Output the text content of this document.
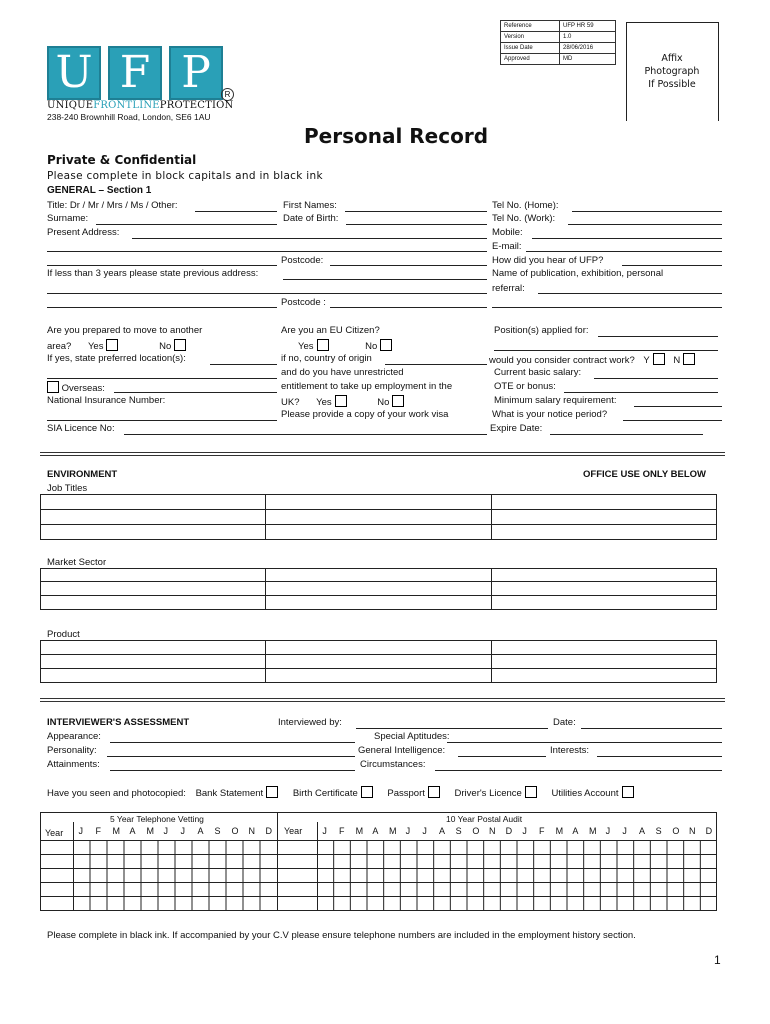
Reference	UFP HR 59
Version	1.0
Issue Date	28/06/2016
Approved	MD	Affix
Photograph
If Possible
U F P	R
UNIQUEFRONTLINEPROTECTION
238-240 Brownhill Road, London, SE6 1AU
Personal Record
Private & Confidential
Please complete in block capitals and in black ink
GENERAL – Section 1
Title: Dr / Mr / Mrs / Ms / Other:
Surname:
Present Address:
Postcode:
If less than 3 years please state previous address:
Postcode :
First Names:
Date of Birth:
Tel No. (Home):
Tel No. (Work):
Mobile:
E-mail:
How did you hear of UFP?
Name of publication, exhibition, personal
referral:
Are you prepared to move to another
area? Yes	No
If yes, state preferred location(s):
Overseas:
National Insurance Number:
SIA Licence No:
Are you an EU Citizen?
Yes	No
if no, country of origin
and do you have unrestricted
entitlement to take up employment in the
UK? Yes	No
Please provide a copy of your work visa
Position(s) applied for:
would you consider contract work? Y N
Current basic salary:
OTE or bonus:
Minimum salary requirement:
What is your notice period?
Expire Date:
ENVIRONMENT	OFFICE USE ONLY BELOW
Job Titles

Market Sector

Product

INTERVIEWER'S ASSESSMENT	Interviewed by:	Date:
Appearance:	Special Aptitudes:
Personality:	General Intelligence:	Interests:
Attainments:	Circumstances:
Have you seen and photocopied: Bank Statement	Birth Certificate	Passport	Driver's Licence	Utilities Account
5 Year Telephone Vetting	10 Year Postal Audit
Year	Year
J F M A M J J A S O N D	J F M A M J J A S O N D J F M A M J J A S O N D
Please complete in black ink. If accompanied by your C.V please ensure telephone numbers are included in the employment history section.
1
